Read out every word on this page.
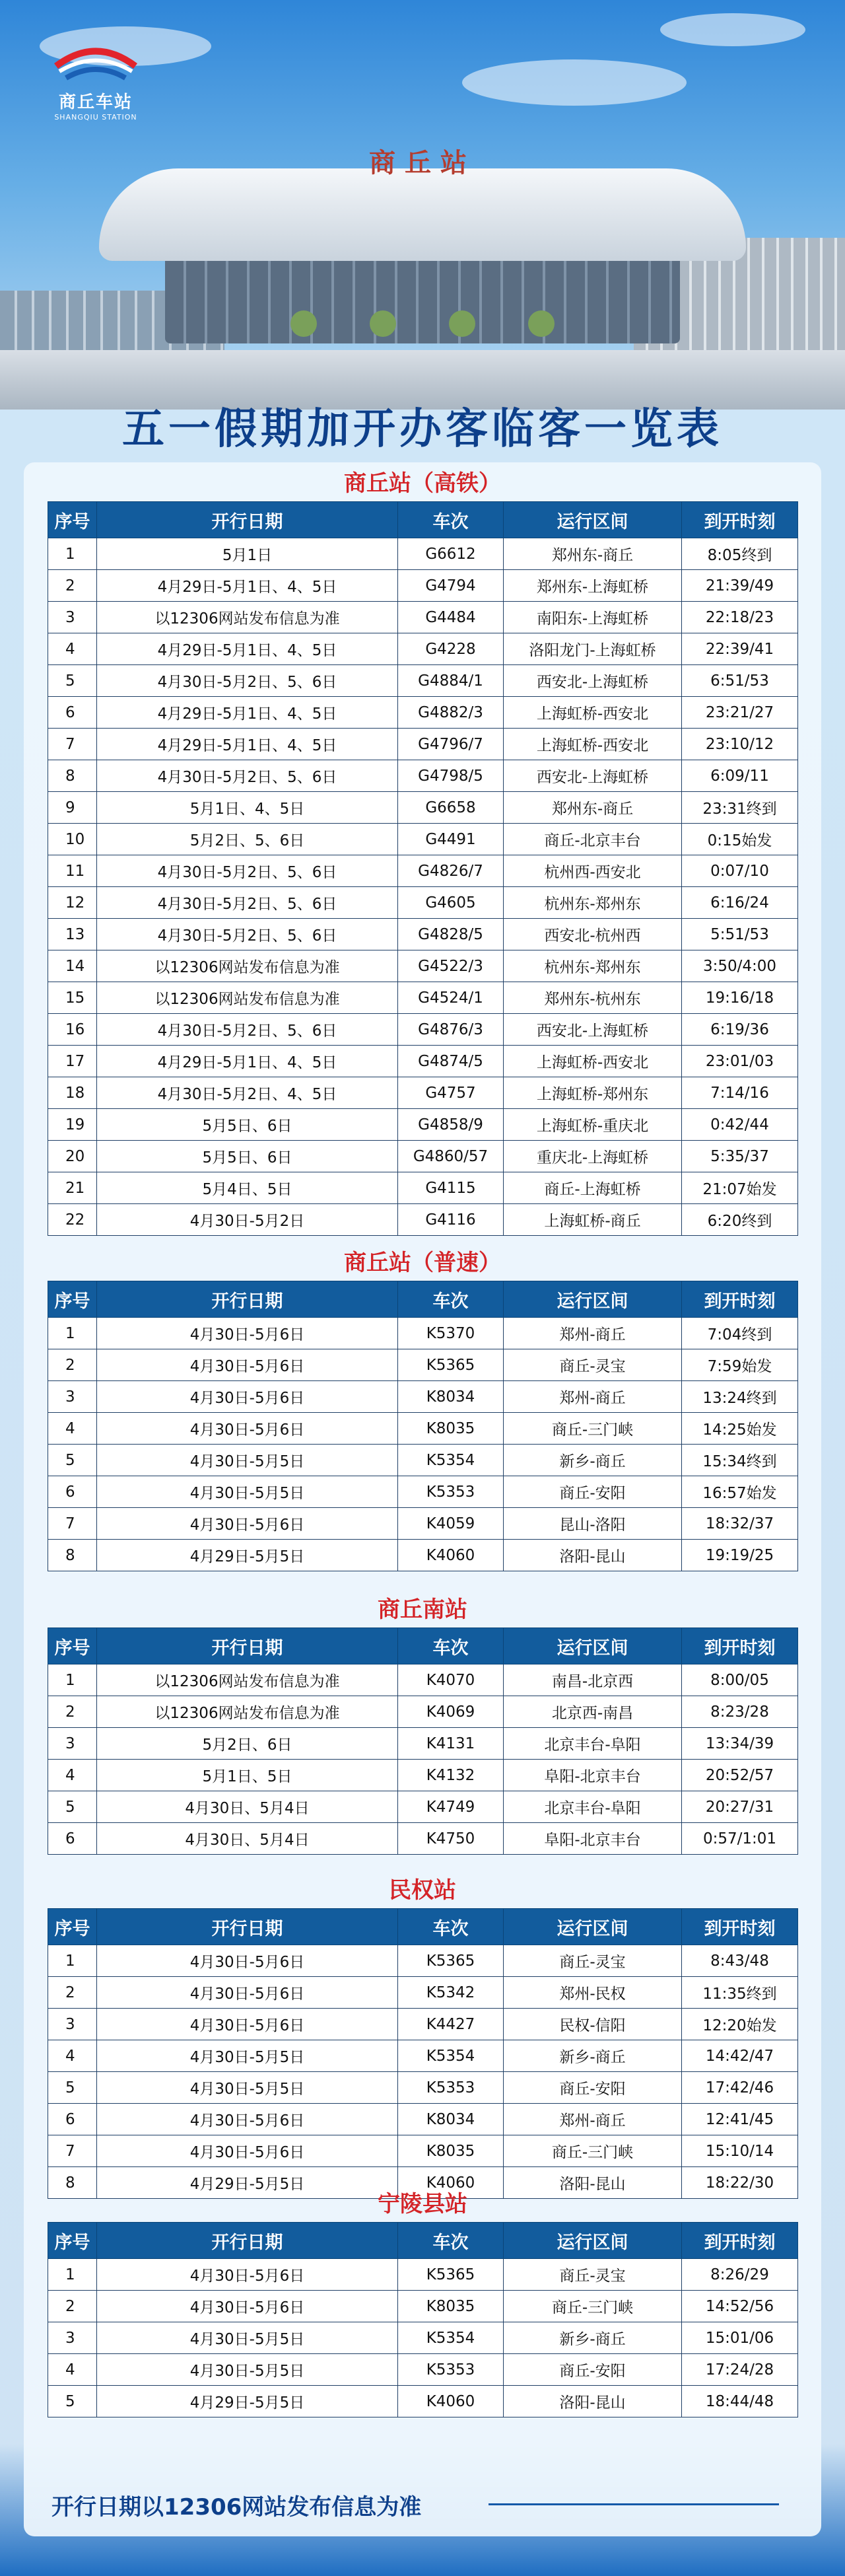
商丘站
商丘车站
SHANGQIU STATION
五一假期加开办客临客一览表
商丘站（高铁）
序号	开行日期	车次	运行区间	到开时刻
1	5月1日	G6612	郑州东-商丘	8:05终到
2	4月29日-5月1日、4、5日	G4794	郑州东-上海虹桥	21:39/49
3	以12306网站发布信息为准	G4484	南阳东-上海虹桥	22:18/23
4	4月29日-5月1日、4、5日	G4228	洛阳龙门-上海虹桥	22:39/41
5	4月30日-5月2日、5、6日	G4884/1	西安北-上海虹桥	6:51/53
6	4月29日-5月1日、4、5日	G4882/3	上海虹桥-西安北	23:21/27
7	4月29日-5月1日、4、5日	G4796/7	上海虹桥-西安北	23:10/12
8	4月30日-5月2日、5、6日	G4798/5	西安北-上海虹桥	6:09/11
9	5月1日、4、5日	G6658	郑州东-商丘	23:31终到
10	5月2日、5、6日	G4491	商丘-北京丰台	0:15始发
11	4月30日-5月2日、5、6日	G4826/7	杭州西-西安北	0:07/10
12	4月30日-5月2日、5、6日	G4605	杭州东-郑州东	6:16/24
13	4月30日-5月2日、5、6日	G4828/5	西安北-杭州西	5:51/53
14	以12306网站发布信息为准	G4522/3	杭州东-郑州东	3:50/4:00
15	以12306网站发布信息为准	G4524/1	郑州东-杭州东	19:16/18
16	4月30日-5月2日、5、6日	G4876/3	西安北-上海虹桥	6:19/36
17	4月29日-5月1日、4、5日	G4874/5	上海虹桥-西安北	23:01/03
18	4月30日-5月2日、4、5日	G4757	上海虹桥-郑州东	7:14/16
19	5月5日、6日	G4858/9	上海虹桥-重庆北	0:42/44
20	5月5日、6日	G4860/57	重庆北-上海虹桥	5:35/37
21	5月4日、5日	G4115	商丘-上海虹桥	21:07始发
22	4月30日-5月2日	G4116	上海虹桥-商丘	6:20终到
商丘站（普速）
序号	开行日期	车次	运行区间	到开时刻
1	4月30日-5月6日	K5370	郑州-商丘	7:04终到
2	4月30日-5月6日	K5365	商丘-灵宝	7:59始发
3	4月30日-5月6日	K8034	郑州-商丘	13:24终到
4	4月30日-5月6日	K8035	商丘-三门峡	14:25始发
5	4月30日-5月5日	K5354	新乡-商丘	15:34终到
6	4月30日-5月5日	K5353	商丘-安阳	16:57始发
7	4月30日-5月6日	K4059	昆山-洛阳	18:32/37
8	4月29日-5月5日	K4060	洛阳-昆山	19:19/25
商丘南站
序号	开行日期	车次	运行区间	到开时刻
1	以12306网站发布信息为准	K4070	南昌-北京西	8:00/05
2	以12306网站发布信息为准	K4069	北京西-南昌	8:23/28
3	5月2日、6日	K4131	北京丰台-阜阳	13:34/39
4	5月1日、5日	K4132	阜阳-北京丰台	20:52/57
5	4月30日、5月4日	K4749	北京丰台-阜阳	20:27/31
6	4月30日、5月4日	K4750	阜阳-北京丰台	0:57/1:01
民权站
序号	开行日期	车次	运行区间	到开时刻
1	4月30日-5月6日	K5365	商丘-灵宝	8:43/48
2	4月30日-5月6日	K5342	郑州-民权	11:35终到
3	4月30日-5月6日	K4427	民权-信阳	12:20始发
4	4月30日-5月5日	K5354	新乡-商丘	14:42/47
5	4月30日-5月5日	K5353	商丘-安阳	17:42/46
6	4月30日-5月6日	K8034	郑州-商丘	12:41/45
7	4月30日-5月6日	K8035	商丘-三门峡	15:10/14
8	4月29日-5月5日	K4060	洛阳-昆山	18:22/30
宁陵县站
序号	开行日期	车次	运行区间	到开时刻
1	4月30日-5月6日	K5365	商丘-灵宝	8:26/29
2	4月30日-5月6日	K8035	商丘-三门峡	14:52/56
3	4月30日-5月5日	K5354	新乡-商丘	15:01/06
4	4月30日-5月5日	K5353	商丘-安阳	17:24/28
5	4月29日-5月5日	K4060	洛阳-昆山	18:44/48
开行日期以12306网站发布信息为准
